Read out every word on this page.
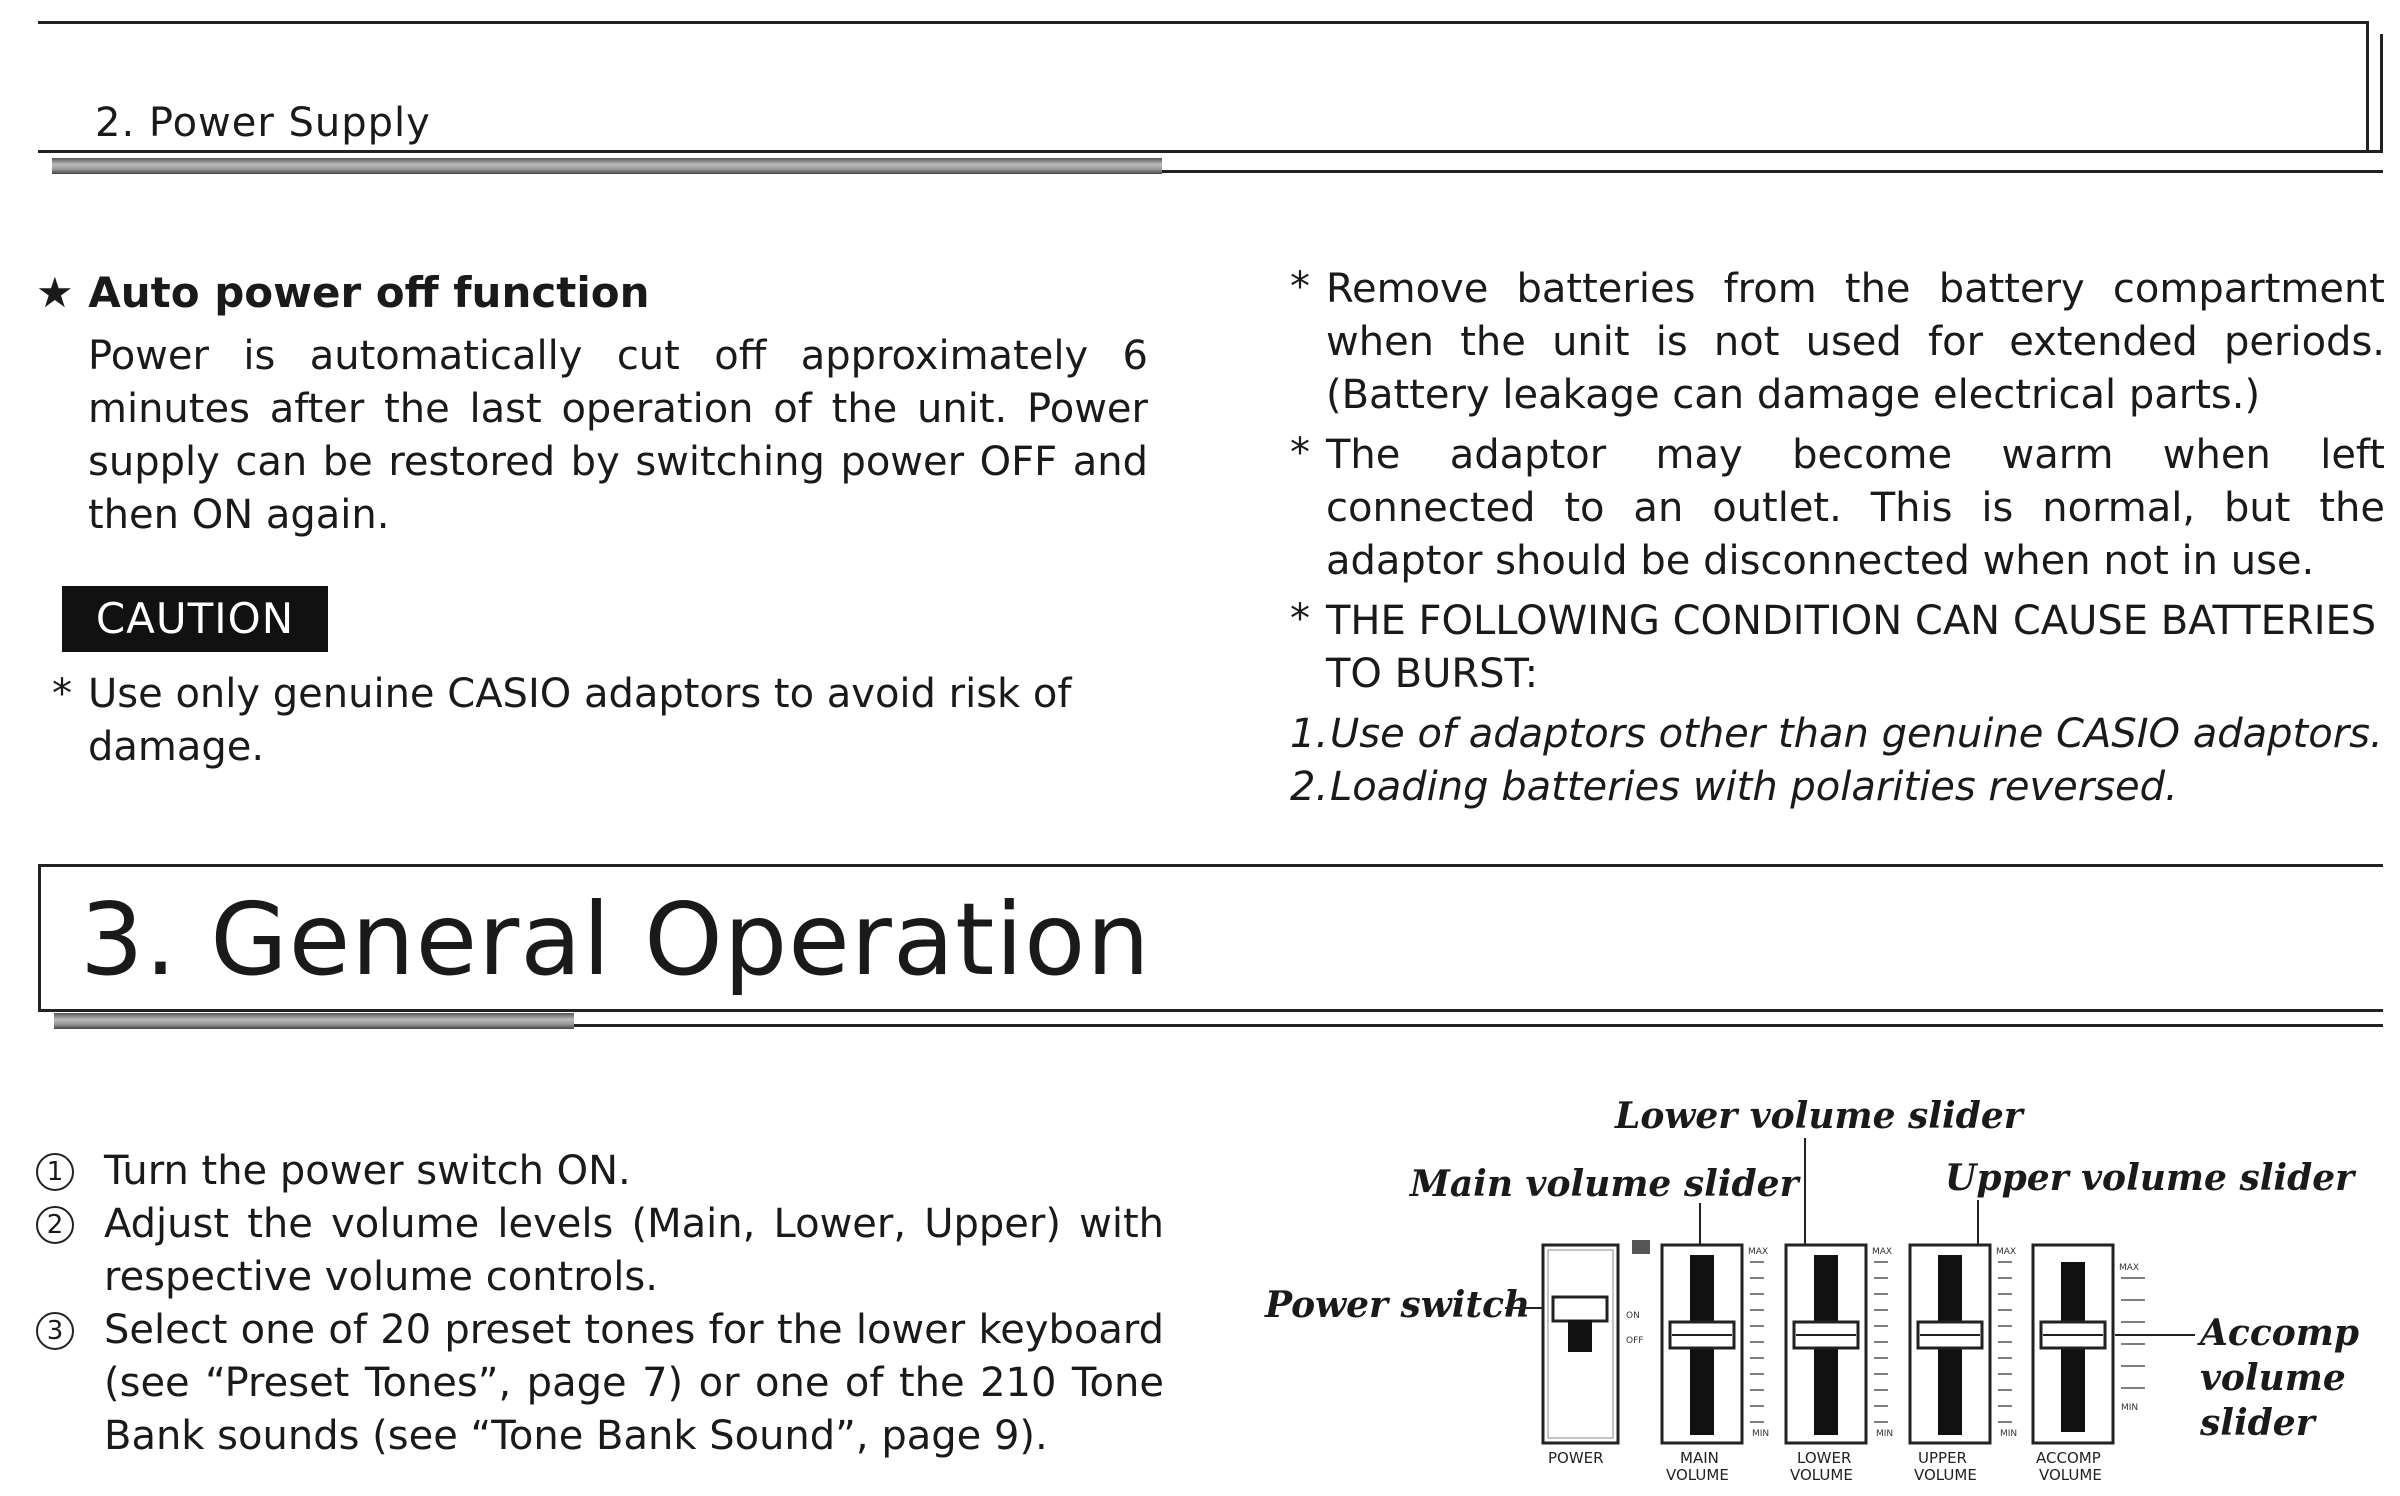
2. Power Supply
★ Auto power off function
Power is automatically cut off approximately 6 minutes after the last operation of the unit. Power supply can be restored by switching power OFF and then ON again.
CAUTION
* Use only genuine CASIO adaptors to avoid risk of damage.
* Remove batteries from the battery compartment when the unit is not used for extended periods. (Battery leakage can damage electrical parts.)
* The adaptor may become warm when left connected to an outlet. This is normal, but the adaptor should be disconnected when not in use.
* THE FOLLOWING CONDITION CAN CAUSE BATTERIES TO BURST:
1. Use of adaptors other than genuine CASIO adaptors.
2. Loading batteries with polarities reversed.
3. General Operation
1 Turn the power switch ON.
2 Adjust the volume levels (Main, Lower, Upper) with respective volume controls.
3 Select one of 20 preset tones for the lower keyboard (see “Preset Tones”, page 7) or one of the 210 Tone Bank sounds (see “Tone Bank Sound”, page 9).
Lower volume slider
Main volume slider	Upper volume slider
Power switch
Accomp
volume
slider
ON
OFF
POWER
MAX
MIN
MAIN
VOLUME
MAX
MIN
LOWER
VOLUME
MAX
MIN
UPPER
VOLUME
MAX
MIN
ACCOMP
VOLUME
